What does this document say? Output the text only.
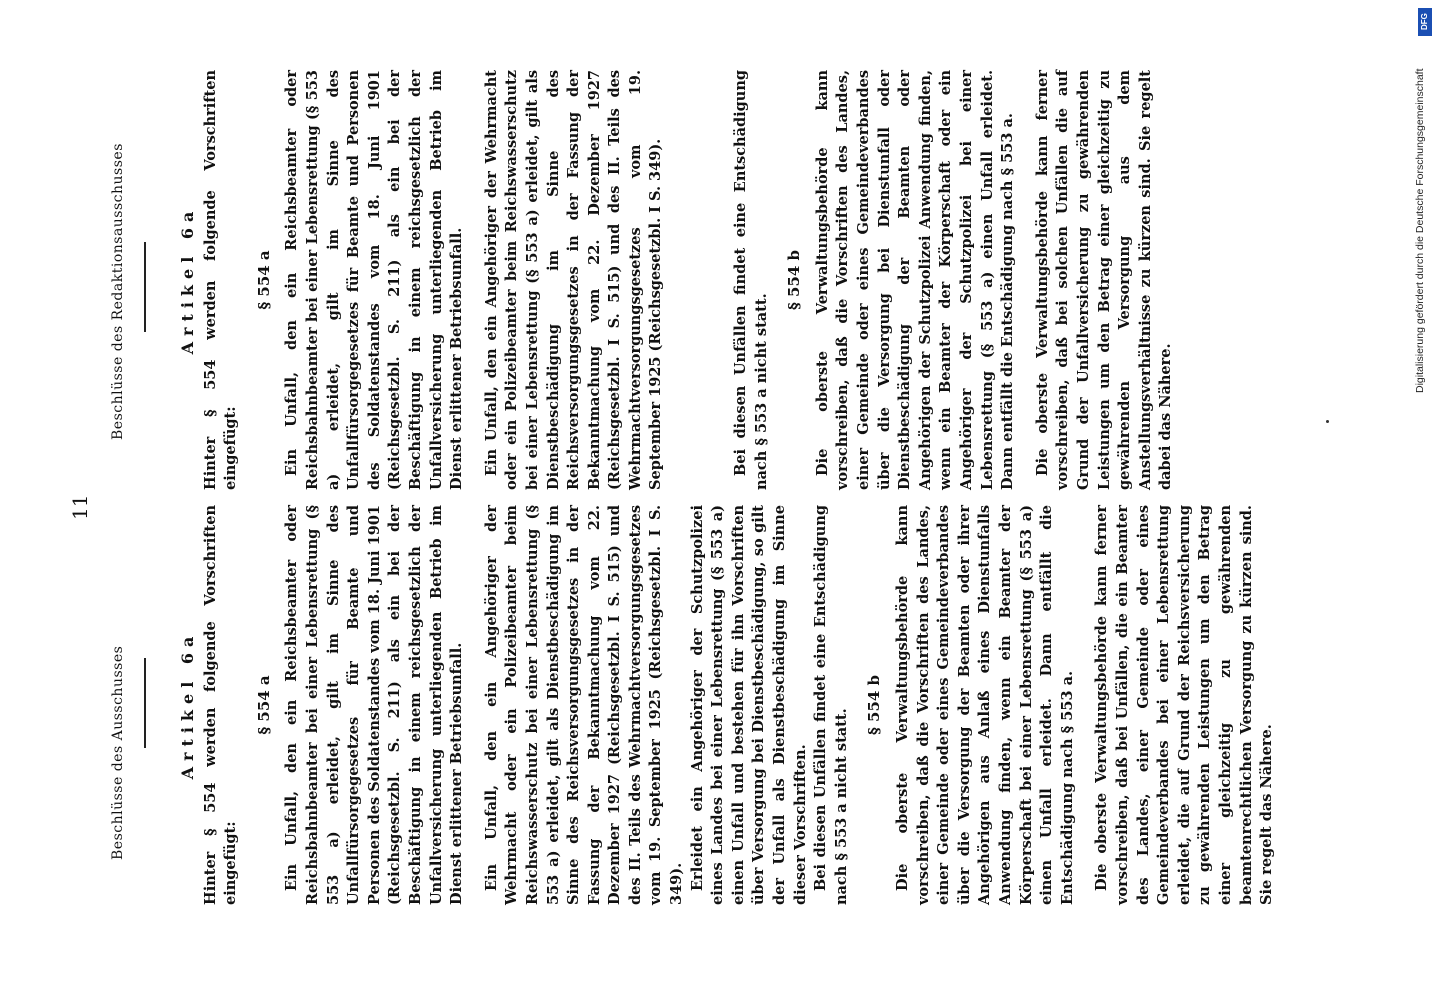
11
Beschlüsse des Ausschusses
Beschlüsse des Redaktionsausschusses
Artikel 6a Hinter § 554 werden folgende Vorschriften eingefügt:

§ 554 a Ein Unfall, den ein Reichsbeamter oder Reichsbahnbeamter bei einer Lebensrettung (§ 553 a) erleidet, gilt im Sinne des Unfallfürsorgegesetzes für Beamte und Personen des Soldatenstandes vom 18. Juni 1901 (Reichsgesetzbl. S. 211) als ein bei der Beschäftigung in einem reichsgesetzlich der Unfallversicherung unterliegenden Betrieb im Dienst erlittener Betriebsunfall. Ein Unfall, den ein Angehöriger der Wehrmacht oder ein Polizeibeamter beim Reichswasserschutz bei einer Lebensrettung (§ 553 a) erleidet, gilt als Dienstbeschädigung im Sinne des Reichsversorgungsgesetzes in der Fassung der Bekanntmachung vom 22. Dezember 1927 (Reichsgesetzbl. I S. 515) und des II. Teils des Wehrmachtversorgungsgesetzes vom 19. September 1925 (Reichsgesetzbl. I S. 349). Erleidet ein Angehöriger der Schutzpolizei eines Landes bei einer Lebensrettung (§ 553 a) einen Unfall und bestehen für ihn Vorschriften über Versorgung bei Dienstbeschädigung, so gilt der Unfall als Dienstbeschädigung im Sinne dieser Vorschriften. Bei diesen Unfällen findet eine Entschädigung nach § 553 a nicht statt.

§ 554 b Die oberste Verwaltungsbehörde kann vorschreiben, daß die Vorschriften des Landes, einer Gemeinde oder eines Gemeindeverbandes über die Versorgung der Beamten oder ihrer Angehörigen aus Anlaß eines Dienstunfalls Anwendung finden, wenn ein Beamter der Körperschaft bei einer Lebensrettung (§ 553 a) einen Unfall erleidet. Dann entfällt die Entschädigung nach § 553 a. Die oberste Verwaltungsbehörde kann ferner vorschreiben, daß bei Unfällen, die ein Beamter des Landes, einer Gemeinde oder eines Gemeindeverbandes bei einer Lebensrettung erleidet, die auf Grund der Reichsversicherung zu gewährenden Leistungen um den Betrag einer gleichzeitig zu gewährenden beamtenrechtlichen Versorgung zu kürzen sind. Sie regelt das Nähere.

Artikel 6a Hinter § 554 werden folgende Vorschriften eingefügt:

§ 554 a Ein Unfall, den ein Reichsbeamter oder Reichsbahnbeamter bei einer Lebensrettung (§ 553 a) erleidet, gilt im Sinne des Unfallfürsorgegesetzes für Beamte und Personen des Soldatenstandes vom 18. Juni 1901 (Reichsgesetzbl. S. 211) als ein bei der Beschäftigung in einem reichsgesetzlich der Unfallversicherung unterliegenden Betrieb im Dienst erlittener Betriebsunfall. Ein Unfall, den ein Angehöriger der Wehrmacht oder ein Polizeibeamter beim Reichswasserschutz bei einer Lebensrettung (§ 553 a) erleidet, gilt als Dienstbeschädigung im Sinne des Reichsversorgungsgesetzes in der Fassung der Bekanntmachung vom 22. Dezember 1927 (Reichsgesetzbl. I S. 515) und des II. Teils des Wehrmachtversorgungsgesetzes vom 19. September 1925 (Reichsgesetzbl. I S. 349).	Bei diesen Unfällen findet eine Entschädigung nach § 553 a nicht statt.

§ 554 b Die oberste Verwaltungsbehörde kann vorschreiben, daß die Vorschriften des Landes, einer Gemeinde oder eines Gemeindeverbandes über die Versorgung bei Dienstunfall oder Dienstbeschädigung der Beamten oder Angehörigen der Schutzpolizei Anwendung finden, wenn ein Beamter der Körperschaft oder ein Angehöriger der Schutzpolizei bei einer Lebensrettung (§ 553 a) einen Unfall erleidet. Dann entfällt die Entschädigung nach § 553 a. Die oberste Verwaltungsbehörde kann ferner vorschreiben, daß bei solchen Unfällen die auf Grund der Unfallversicherung zu gewährenden Leistungen um den Betrag einer gleichzeitig zu gewährenden Versorgung aus dem Anstellungsverhältnisse zu kürzen sind. Sie regelt dabei das Nähere.

Digitalisierung gefördert durch die Deutsche Forschungsgemeinschaft
DFG
